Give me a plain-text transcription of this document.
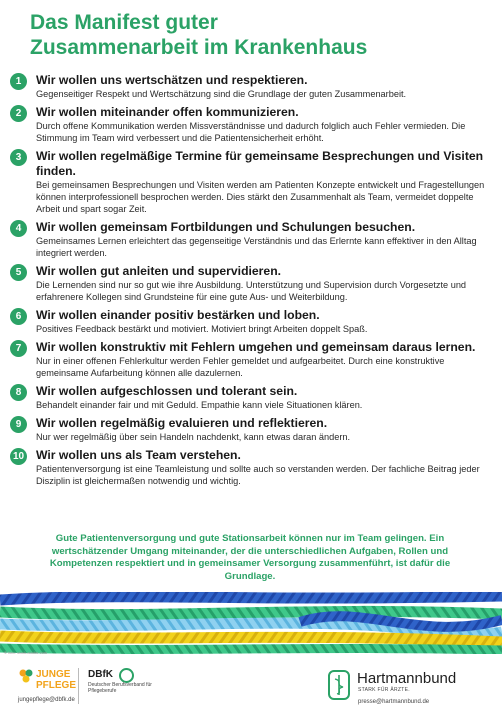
Das Manifest guter
Zusammenarbeit im Krankenhaus
1	Wir wollen uns wertschätzen und respektieren.
Gegenseitiger Respekt und Wertschätzung sind die Grundlage der guten Zusammenarbeit.
2	Wir wollen miteinander offen kommunizieren.
Durch offene Kommunikation werden Missverständnisse und dadurch folglich auch Fehler vermieden. Die Stimmung im Team wird verbessert und die Patientensicherheit erhöht.
3	Wir wollen regelmäßige Termine für gemeinsame Besprechungen und Visiten finden.
Bei gemeinsamen Besprechungen und Visiten werden am Patienten Konzepte entwickelt und Fragestellungen können interprofessionell besprochen werden. Dies stärkt den Zusammenhalt als Team, vermeidet doppelte Arbeit und spart sogar Zeit.
4	Wir wollen gemeinsam Fortbildungen und Schulungen besuchen.
Gemeinsames Lernen erleichtert das gegenseitige Verständnis und das Erlernte kann effektiver in den Alltag integriert werden.
5	Wir wollen gut anleiten und supervidieren.
Die Lernenden sind nur so gut wie ihre Ausbildung. Unterstützung und Supervision durch Vorgesetzte und erfahrenere Kollegen sind Grundsteine für eine gute Aus- und Weiterbildung.
6	Wir wollen einander positiv bestärken und loben.
Positives Feedback bestärkt und motiviert. Motiviert bringt Arbeiten doppelt Spaß.
7	Wir wollen konstruktiv mit Fehlern umgehen und gemeinsam daraus lernen.
Nur in einer offenen Fehlerkultur werden Fehler gemeldet und aufgearbeitet. Durch eine konstruktive gemeinsame Aufarbeitung können alle dazulernen.
8	Wir wollen aufgeschlossen und tolerant sein.
Behandelt einander fair und mit Geduld. Empathie kann viele Situationen klären.
9	Wir wollen regelmäßig evaluieren und reflektieren.
Nur wer regelmäßig über sein Handeln nachdenkt, kann etwas daran ändern.
10 Wir wollen uns als Team verstehen.
Patientenversorgung ist eine Teamleistung und sollte auch so verstanden werden. Der fachliche Beitrag jeder Disziplin ist gleichermaßen notwendig und wichtig.
Gute Patientenversorgung und gute Stationsarbeit können nur im Team gelingen. Ein wertschätzender Umgang miteinander, der die unterschiedlichen Aufgaben, Rollen und Kompetenzen respektiert und in gemeinsamer Versorgung zusammenführt, ist dafür die Grundlage.
© foto: stock.adobe.com
JUNGE
PFLEGE
jungepflege@dbfk.de
DBfK
Deutscher Berufsverband für Pflegeberufe
Hartmannbund
STARK FÜR ÄRZTE.
presse@hartmannbund.de
